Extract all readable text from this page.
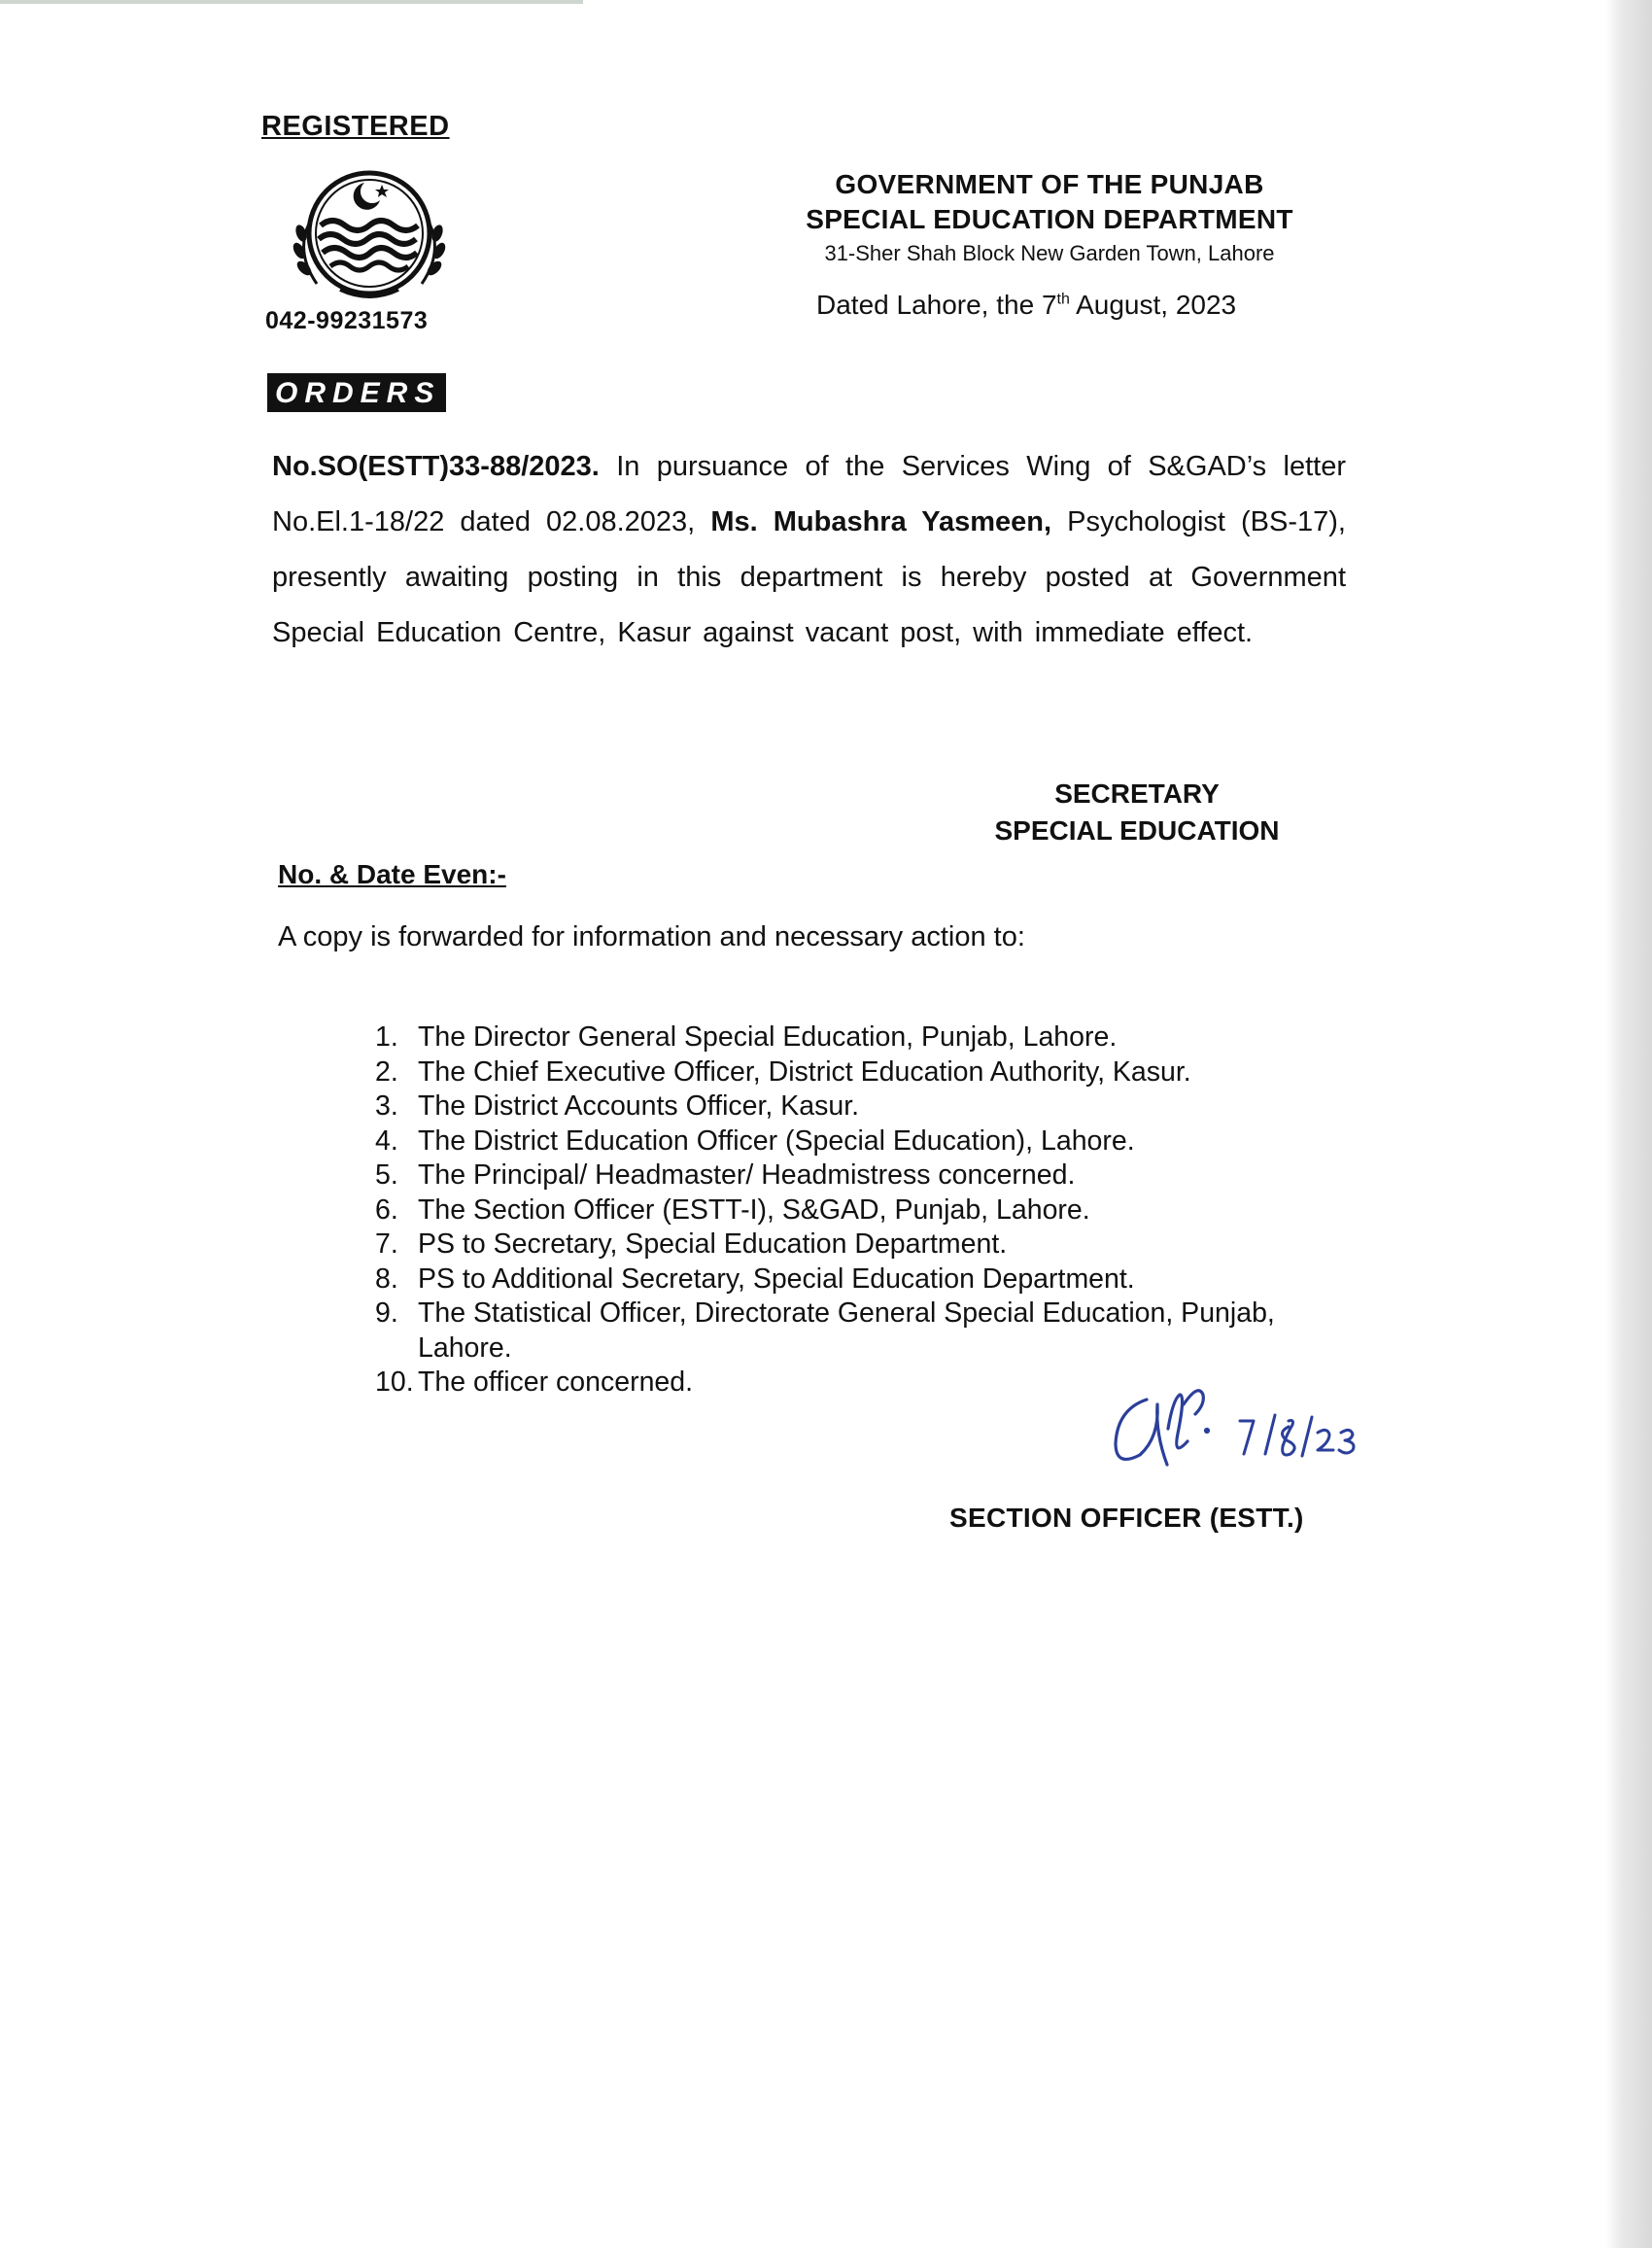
REGISTERED
042-99231573
GOVERNMENT OF THE PUNJAB
SPECIAL EDUCATION DEPARTMENT
31-Sher Shah Block New Garden Town, Lahore
Dated Lahore, the 7th August, 2023
ORDERS
No.SO(ESTT)33-88/2023. In pursuance of the Services Wing of S&GAD’s letter No.El.1-18/22 dated 02.08.2023, Ms. Mubashra Yasmeen, Psychologist (BS-17), presently awaiting posting in this department is hereby posted at Government Special Education Centre, Kasur against vacant post, with immediate effect.
SECRETARY
SPECIAL EDUCATION
No. & Date Even:-
A copy is forwarded for information and necessary action to:
1. The Director General Special Education, Punjab, Lahore.
2. The Chief Executive Officer, District Education Authority, Kasur.
3. The District Accounts Officer, Kasur.
4. The District Education Officer (Special Education), Lahore.
5. The Principal/ Headmaster/ Headmistress concerned.
6. The Section Officer (ESTT-I), S&GAD, Punjab, Lahore.
7. PS to Secretary, Special Education Department.
8. PS to Additional Secretary, Special Education Department.
9. The Statistical Officer, Directorate General Special Education, Punjab, Lahore.
10. The officer concerned.
SECTION OFFICER (ESTT.)
